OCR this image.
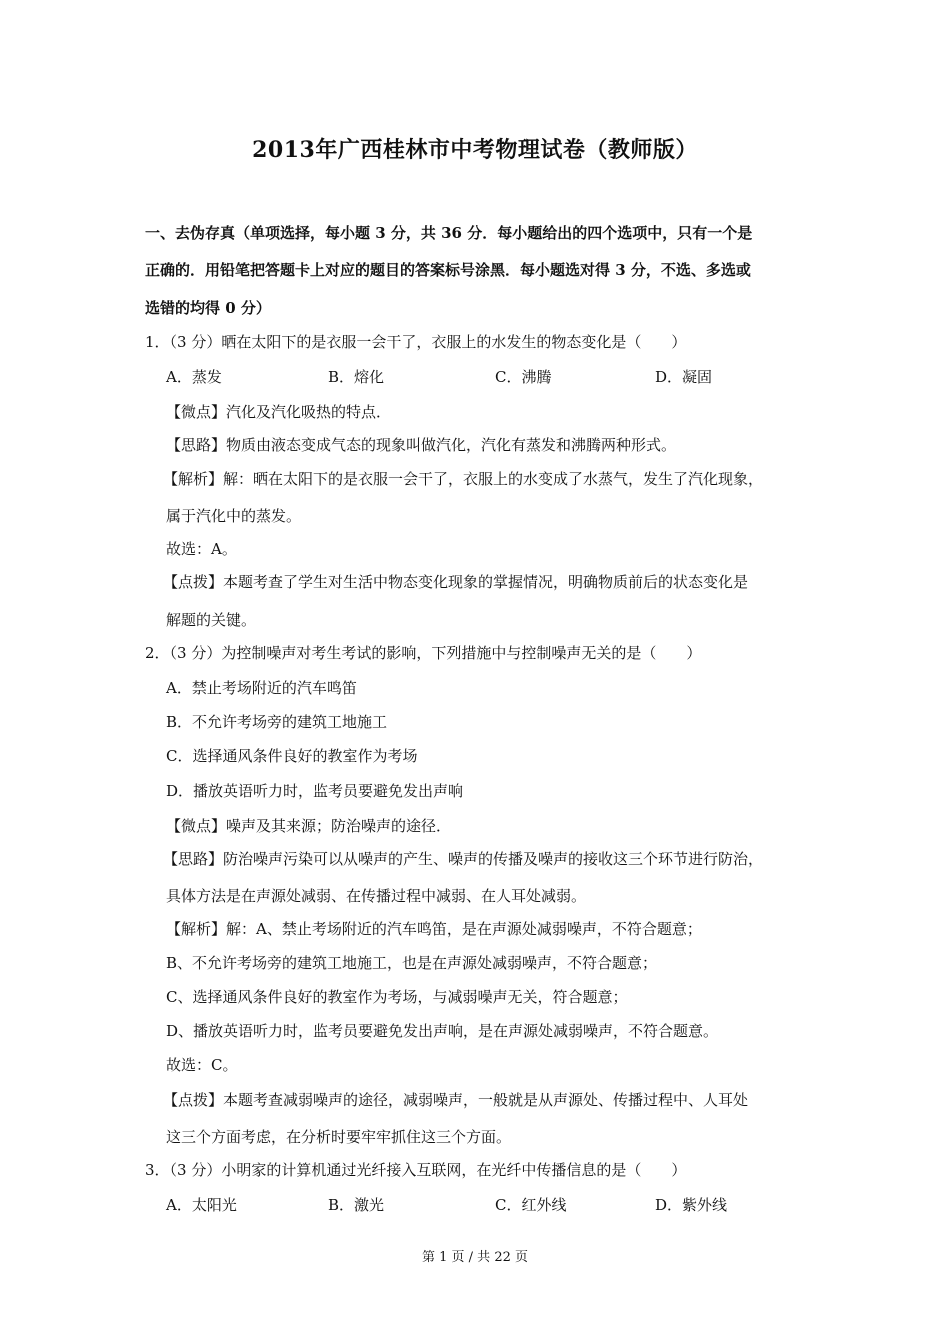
2013年广西桂林市中考物理试卷（教师版）
一、去伪存真（单项选择，每小题 3 分，共 36 分．每小题给出的四个选项中，只有一个是
正确的．用铅笔把答题卡上对应的题目的答案标号涂黑．每小题选对得 3 分，不选、多选或
选错的均得 0 分）
1．（3 分）晒在太阳下的是衣服一会干了，衣服上的水发生的物态变化是（　　）
A．蒸发	B．熔化	C．沸腾	D．凝固
【微点】汽化及汽化吸热的特点．
【思路】物质由液态变成气态的现象叫做汽化，汽化有蒸发和沸腾两种形式。
【解析】解：晒在太阳下的是衣服一会干了，衣服上的水变成了水蒸气，发生了汽化现象，
属于汽化中的蒸发。
故选：A。
【点拨】本题考查了学生对生活中物态变化现象的掌握情况，明确物质前后的状态变化是
解题的关键。
2．（3 分）为控制噪声对考生考试的影响，下列措施中与控制噪声无关的是（　　）
A．禁止考场附近的汽车鸣笛
B．不允许考场旁的建筑工地施工
C．选择通风条件良好的教室作为考场
D．播放英语听力时，监考员要避免发出声响
【微点】噪声及其来源；防治噪声的途径．
【思路】防治噪声污染可以从噪声的产生、噪声的传播及噪声的接收这三个环节进行防治，
具体方法是在声源处减弱、在传播过程中减弱、在人耳处减弱。
【解析】解：A、禁止考场附近的汽车鸣笛，是在声源处减弱噪声，不符合题意；
B、不允许考场旁的建筑工地施工，也是在声源处减弱噪声，不符合题意；
C、选择通风条件良好的教室作为考场，与减弱噪声无关，符合题意；
D、播放英语听力时，监考员要避免发出声响，是在声源处减弱噪声，不符合题意。
故选：C。
【点拨】本题考查减弱噪声的途径，减弱噪声，一般就是从声源处、传播过程中、人耳处
这三个方面考虑，在分析时要牢牢抓住这三个方面。
3．（3 分）小明家的计算机通过光纤接入互联网，在光纤中传播信息的是（　　）
A．太阳光	B．激光	C．红外线	D．紫外线
第 1 页 / 共 22 页
